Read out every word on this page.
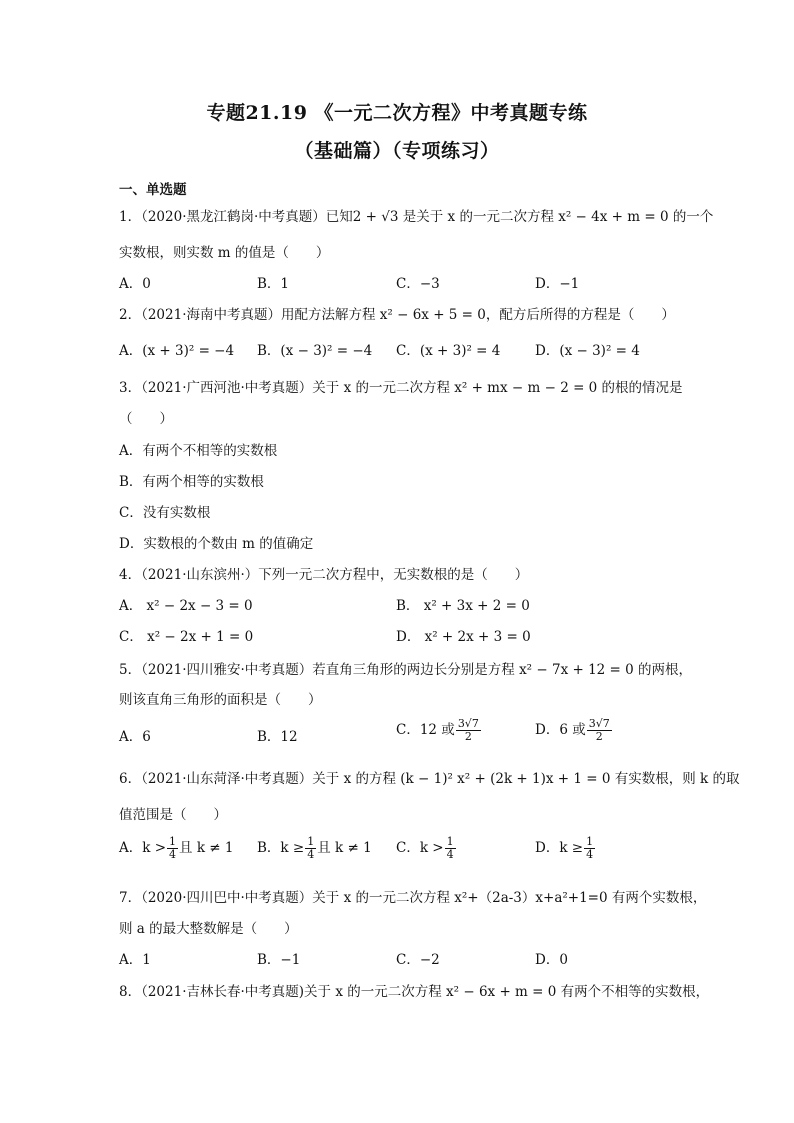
专题21.19 《一元二次方程》中考真题专练
（基础篇）（专项练习）
一、单选题
1．（2020·黑龙江鹤岗·中考真题）已知2 + √3 是关于 x 的一元二次方程 x² − 4x + m = 0 的一个
实数根，则实数 m 的值是（　　）
A．0	B．1	C．−3	D．−1
2．（2021·海南中考真题）用配方法解方程 x² − 6x + 5 = 0，配方后所得的方程是（　　）
A．(x + 3)² = −4 B．(x − 3)² = −4 C．(x + 3)² = 4	D．(x − 3)² = 4
3．（2021·广西河池·中考真题）关于 x 的一元二次方程 x² + mx − m − 2 = 0 的根的情况是
（　　）
A．有两个不相等的实数根
B．有两个相等的实数根
C．没有实数根
D．实数根的个数由 m 的值确定
4．（2021·山东滨州·）下列一元二次方程中，无实数根的是（　　）
A． x² − 2x − 3 = 0	B． x² + 3x + 2 = 0
C． x² − 2x + 1 = 0	D． x² + 2x + 3 = 0
5．（2021·四川雅安·中考真题）若直角三角形的两边长分别是方程 x² − 7x + 12 = 0 的两根，
则该直角三角形的面积是（　　）
A．6	B．12	C．12 或 $\frac{3√7}{2}$	D．6 或 $\frac{3√7}{2}$
6．（2021·山东菏泽·中考真题）关于 x 的方程 (k − 1)² x² + (2k + 1)x + 1 = 0 有实数根，则 k 的取
值范围是（　　）
A．$k > \frac{1}{4}$ 且 k ≠ 1 B．$k \ge \frac{1}{4}$ 且 k ≠ 1 C．$k > \frac{1}{4}$	D．$k \ge \frac{1}{4}$
7．（2020·四川巴中·中考真题）关于 x 的一元二次方程 x²+（2a-3）x+a²+1=0 有两个实数根，
则 a 的最大整数解是（　　）
A．1	B．−1	C．−2	D．0
8．（2021·吉林长春·中考真题)关于 x 的一元二次方程 x² − 6x + m = 0 有两个不相等的实数根，
